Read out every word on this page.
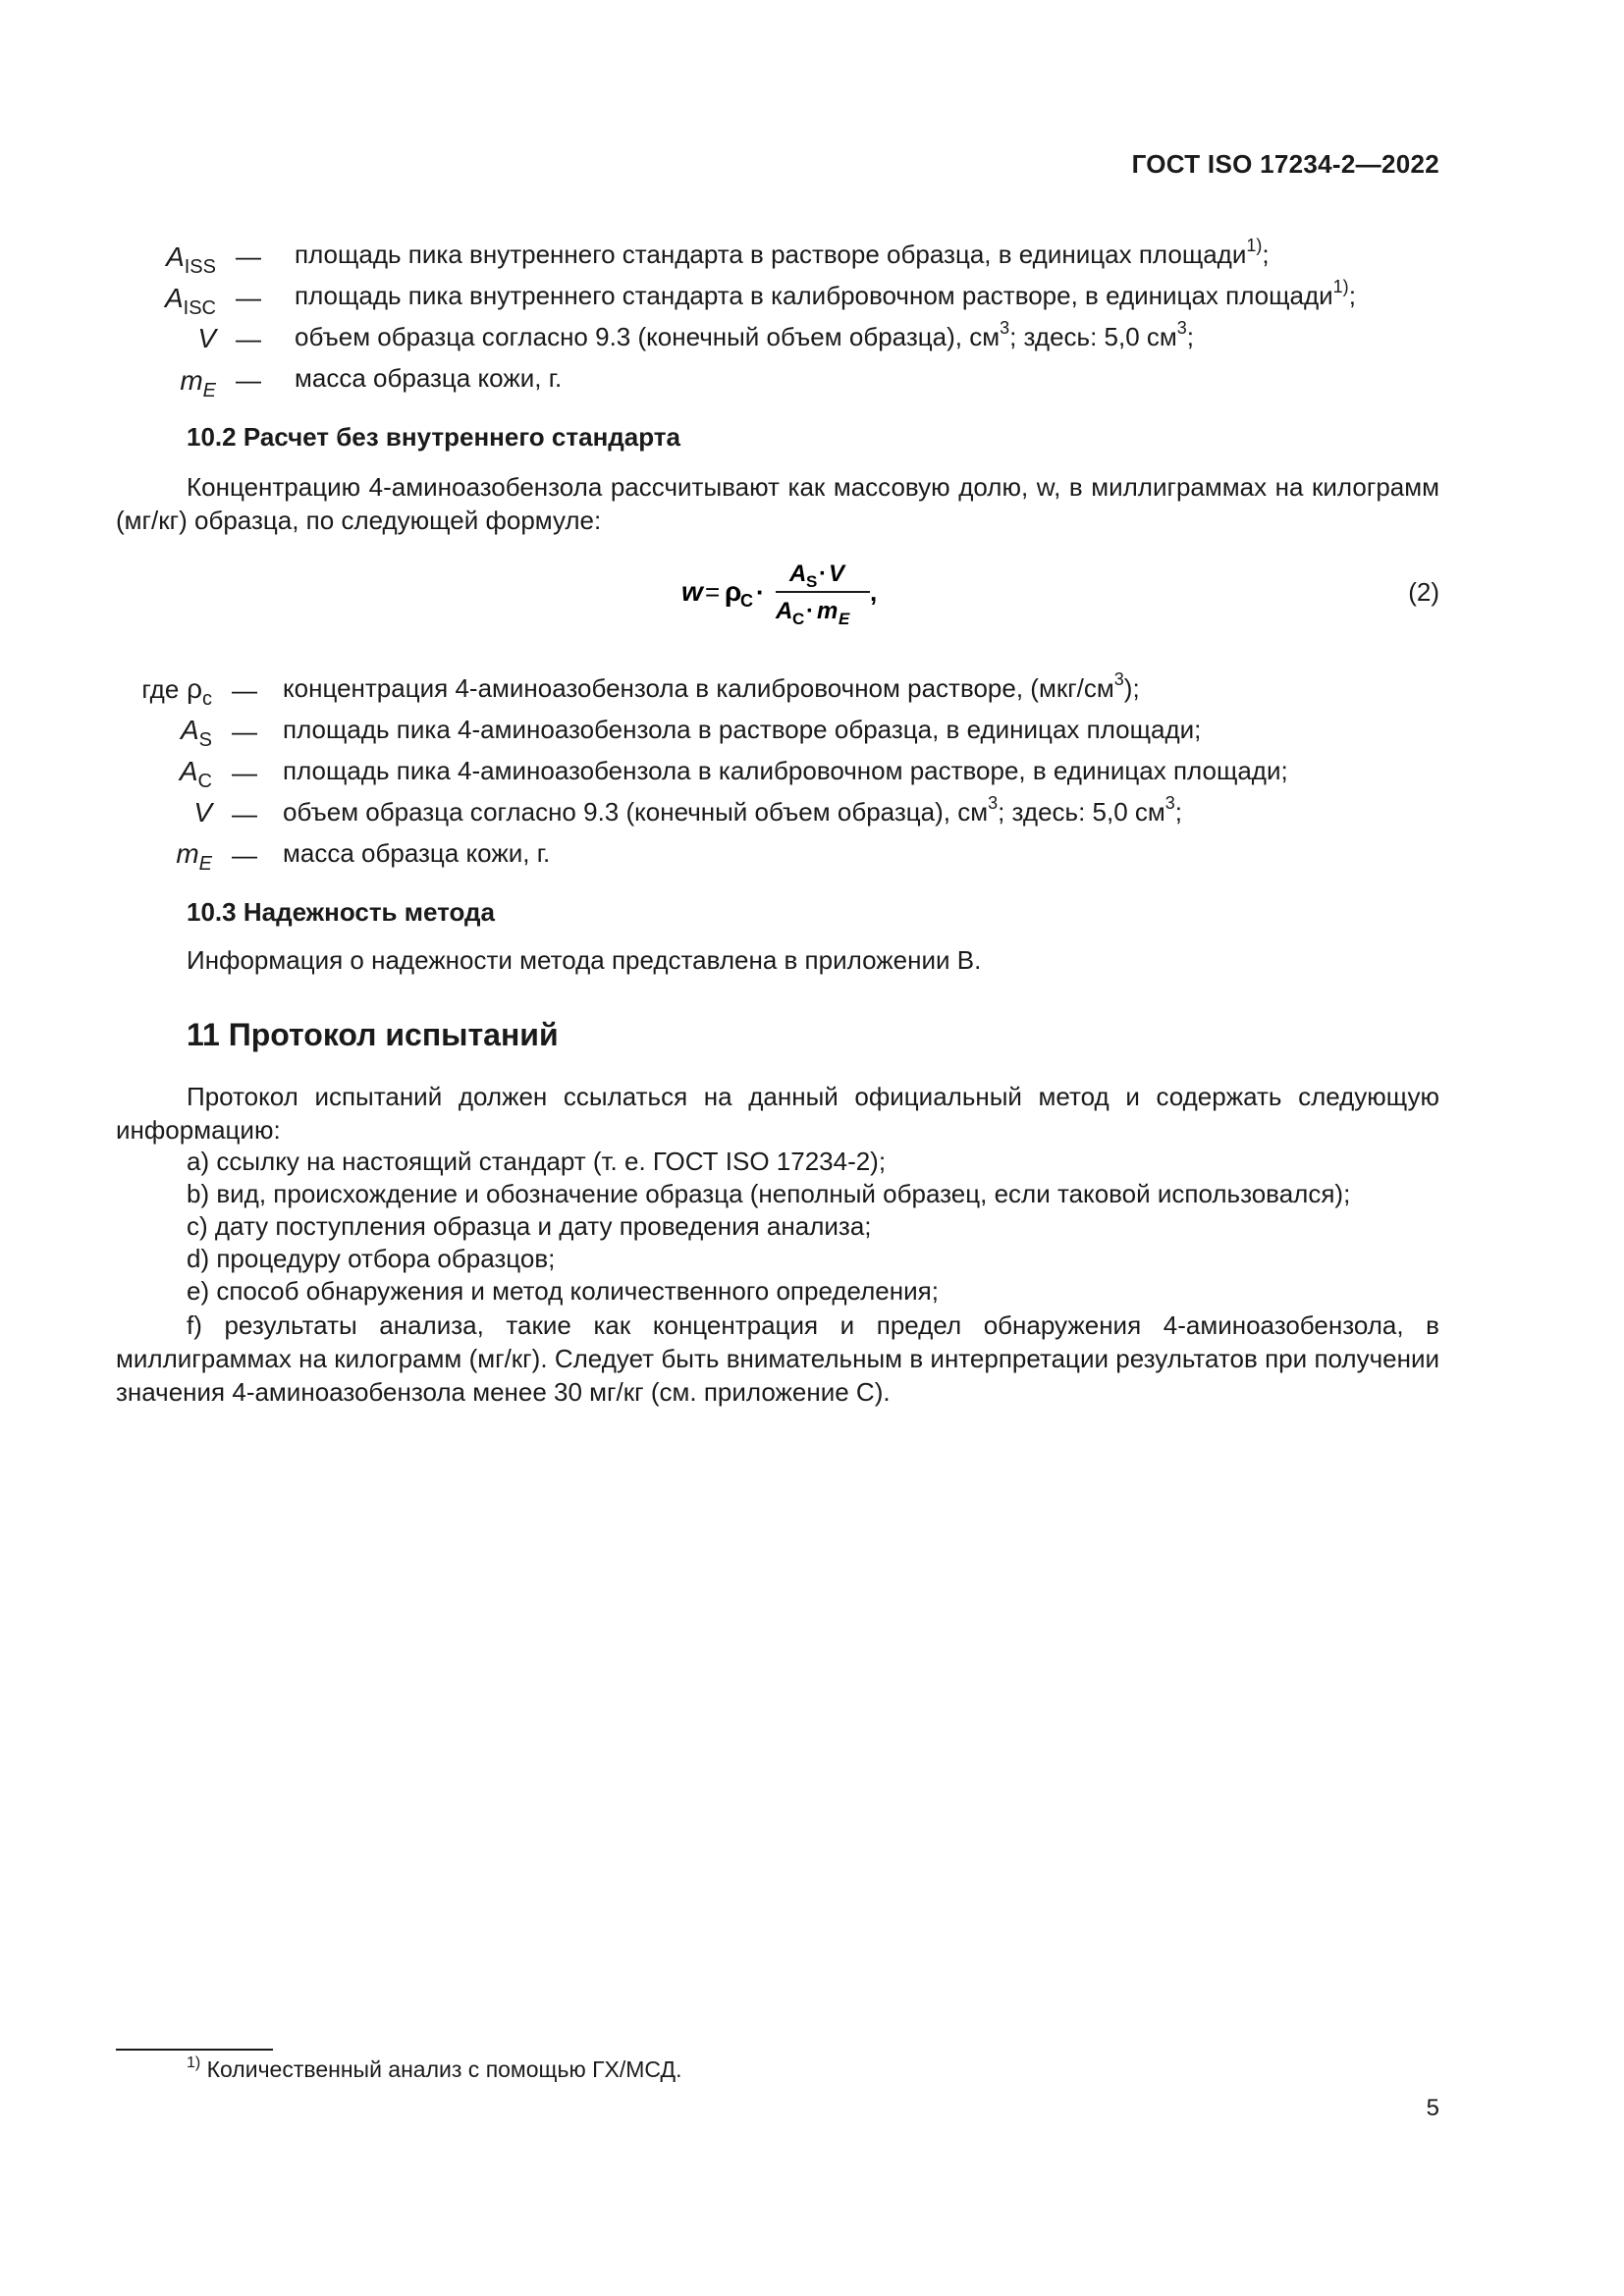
ГОСТ ISO 17234-2—2022
$A_{ISS}$ — площадь пика внутреннего стандарта в растворе образца, в единицах площади$^{1)}$;
$A_{ISC}$ — площадь пика внутреннего стандарта в калибровочном растворе, в единицах площади$^{1)}$;
V — объем образца согласно 9.3 (конечный объем образца), $см^3$; здесь: 5,0 $см^3$;
$m_E$ — масса образца кожи, г.
10.2 Расчет без внутреннего стандарта
Концентрацию 4-аминоазобензола рассчитывают как массовую долю, w, в миллиграммах на килограмм (мг/кг) образца, по следующей формуле:
w = ρ
C ·
A S · V
A C · m E
,	(2)
где $\rho_c$ — концентрация 4-аминоазобензола в калибровочном растворе, $(мкг/см^3)$;
$A_S$ — площадь пика 4-аминоазобензола в растворе образца, в единицах площади;
$A_C$ — площадь пика 4-аминоазобензола в калибровочном растворе, в единицах площади;
V — объем образца согласно 9.3 (конечный объем образца), $см^3$; здесь: 5,0 $см^3$;
$m_E$ — масса образца кожи, г.
10.3 Надежность метода
Информация о надежности метода представлена в приложении B.
11 Протокол испытаний
Протокол испытаний должен ссылаться на данный официальный метод и содержать следующую информацию:
a) ссылку на настоящий стандарт (т. е. ГОСТ ISO 17234-2);
b) вид, происхождение и обозначение образца (неполный образец, если таковой использовался);
c) дату поступления образца и дату проведения анализа;
d) процедуру отбора образцов;
e) способ обнаружения и метод количественного определения;
f) результаты анализа, такие как концентрация и предел обнаружения 4-аминоазобензола, в миллиграммах на килограмм (мг/кг). Следует быть внимательным в интерпретации результатов при получении значения 4-аминоазобензола менее 30 мг/кг (см. приложение C).
$^{1)}$ Количественный анализ с помощью ГХ/МСД.
5
